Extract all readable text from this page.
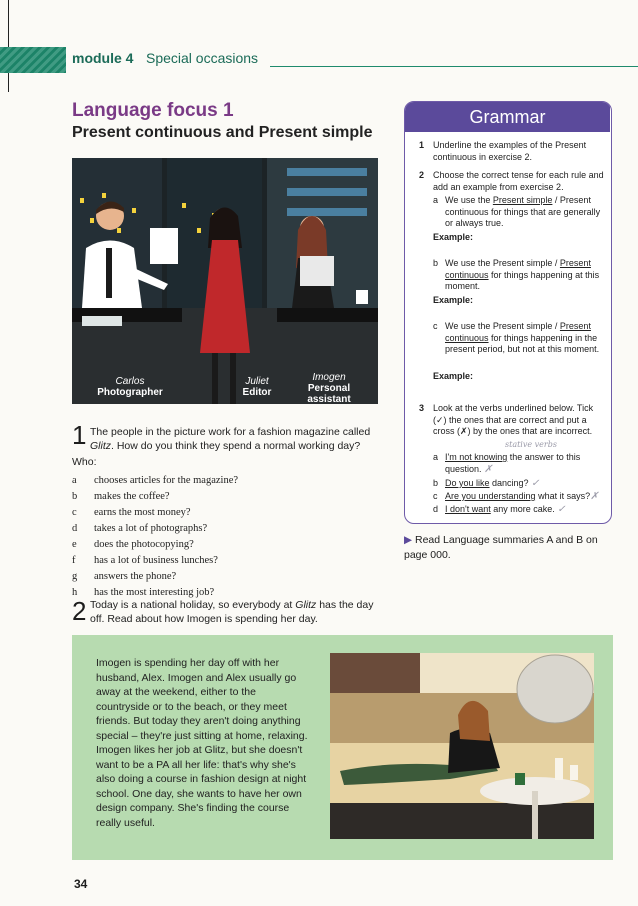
module 4 Special occasions
Language focus 1
Present continuous and Present simple
Carlos
Photographer
Juliet
Editor
Imogen
Personal
assistant
1 The people in the picture work for a fashion magazine called Glitz. How do you think they spend a normal working day?
Who:
a chooses articles for the magazine?
b makes the coffee?
c earns the most money?
d takes a lot of photographs?
e does the photocopying?
f has a lot of business lunches?
g answers the phone?
h has the most interesting job?
2 Today is a national holiday, so everybody at Glitz has the day off. Read about how Imogen is spending her day.
Grammar
1 Underline the examples of the Present continuous in exercise 2.
2 Choose the correct tense for each rule and add an example from exercise 2.
a We use the Present simple / Present continuous for things that are generally or always true.
Example:
b We use the Present simple / Present continuous for things happening at this moment.
Example:
c We use the Present simple / Present continuous for things happening in the present period, but not at this moment.
Example:
3 Look at the verbs underlined below. Tick (✓) the ones that are correct and put a cross (✗) by the ones that are incorrect.
stative verbs
a I'm not knowing the answer to this question. ✗
b Do you like dancing? ✓
c Are you understanding what it says?✗
d I don't want any more cake. ✓
▶ Read Language summaries A and B on page 000.
Imogen is spending her day off with her husband, Alex. Imogen and Alex usually go away at the weekend, either to the countryside or to the beach, or they meet friends. But today they aren't doing anything special – they're just sitting at home, relaxing. Imogen likes her job at Glitz, but she doesn't want to be a PA all her life: that's why she's also doing a course in fashion design at night school. One day, she wants to have her own design company. She's finding the course really useful.
34
